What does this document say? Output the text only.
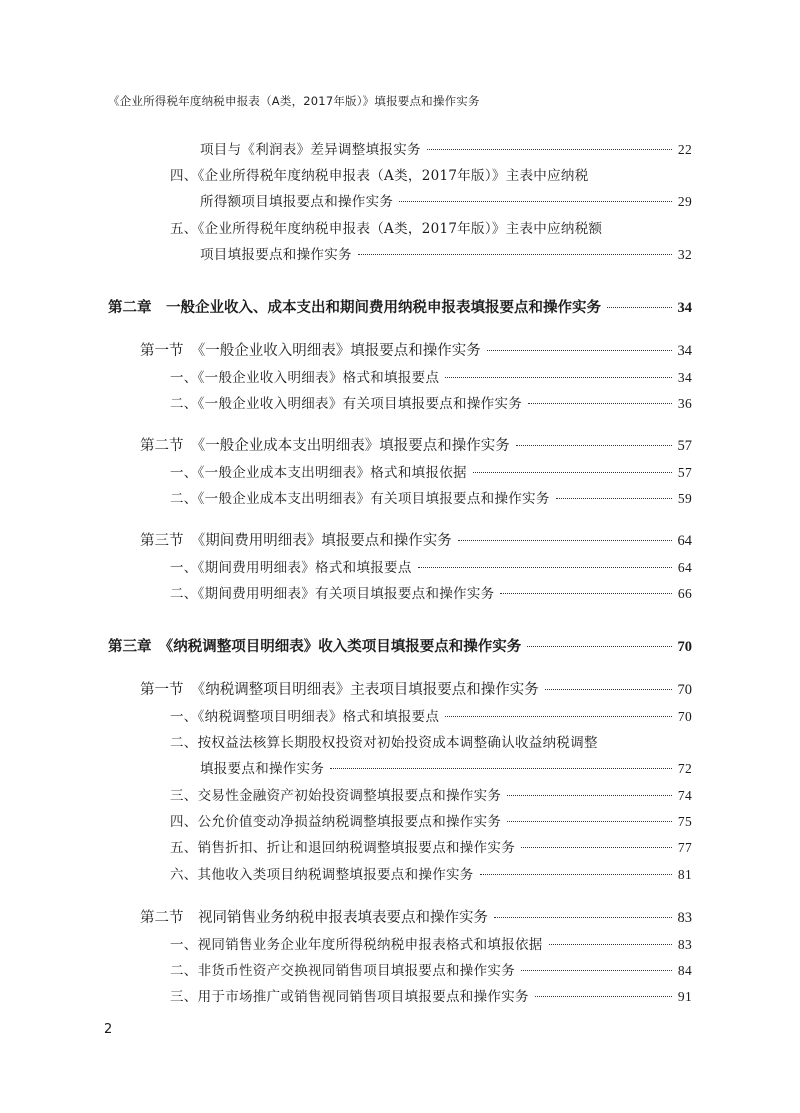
《企业所得税年度纳税申报表（A类，2017年版）》填报要点和操作实务
项目与《利润表》差异调整填报实务	22
四、《企业所得税年度纳税申报表（A类，2017年版）》主表中应纳税
所得额项目填报要点和操作实务	29
五、《企业所得税年度纳税申报表（A类，2017年版）》主表中应纳税额
项目填报要点和操作实务	32
第二章　一般企业收入、成本支出和期间费用纳税申报表填报要点和操作实务	34
第一节　《一般企业收入明细表》填报要点和操作实务	34
一、《一般企业收入明细表》格式和填报要点	34
二、《一般企业收入明细表》有关项目填报要点和操作实务	36
第二节　《一般企业成本支出明细表》填报要点和操作实务	57
一、《一般企业成本支出明细表》格式和填报依据	57
二、《一般企业成本支出明细表》有关项目填报要点和操作实务	59
第三节　《期间费用明细表》填报要点和操作实务	64
一、《期间费用明细表》格式和填报要点	64
二、《期间费用明细表》有关项目填报要点和操作实务	66
第三章　《纳税调整项目明细表》收入类项目填报要点和操作实务	70
第一节　《纳税调整项目明细表》主表项目填报要点和操作实务	70
一、《纳税调整项目明细表》格式和填报要点	70
二、按权益法核算长期股权投资对初始投资成本调整确认收益纳税调整
填报要点和操作实务	72
三、交易性金融资产初始投资调整填报要点和操作实务	74
四、公允价值变动净损益纳税调整填报要点和操作实务	75
五、销售折扣、折让和退回纳税调整填报要点和操作实务	77
六、其他收入类项目纳税调整填报要点和操作实务	81
第二节　视同销售业务纳税申报表填表要点和操作实务	83
一、视同销售业务企业年度所得税纳税申报表格式和填报依据	83
二、非货币性资产交换视同销售项目填报要点和操作实务	84
三、用于市场推广或销售视同销售项目填报要点和操作实务	91
2
